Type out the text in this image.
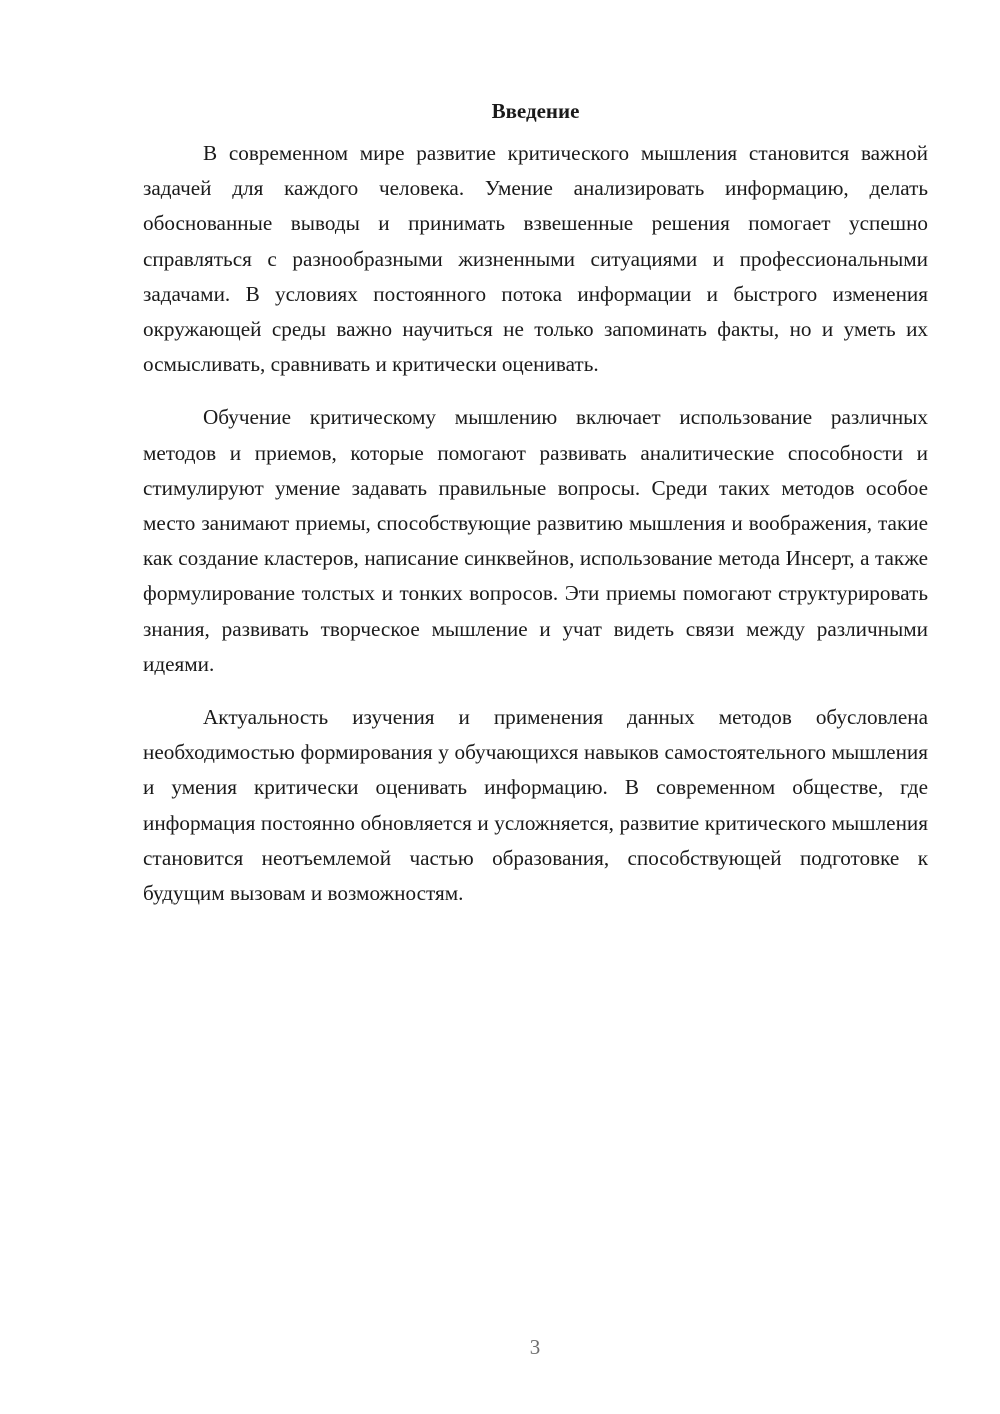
Введение

В современном мире развитие критического мышления становится важной задачей для каждого человека. Умение анализировать информацию, делать обоснованные выводы и принимать взвешенные решения помогает успешно справляться с разнообразными жизненными ситуациями и профессиональными задачами. В условиях постоянного потока информации и быстрого изменения окружающей среды важно научиться не только запоминать факты, но и уметь их осмысливать, сравнивать и критически оценивать.

Обучение критическому мышлению включает использование различных методов и приемов, которые помогают развивать аналитические способности и стимулируют умение задавать правильные вопросы. Среди таких методов особое место занимают приемы, способствующие развитию мышления и воображения, такие как создание кластеров, написание синквейнов, использование метода Инсерт, а также формулирование толстых и тонких вопросов. Эти приемы помогают структурировать знания, развивать творческое мышление и учат видеть связи между различными идеями.

Актуальность изучения и применения данных методов обусловлена необходимостью формирования у обучающихся навыков самостоятельного мышления и умения критически оценивать информацию. В современном обществе, где информация постоянно обновляется и усложняется, развитие критического мышления становится неотъемлемой частью образования, способствующей подготовке к будущим вызовам и возможностям.

3
